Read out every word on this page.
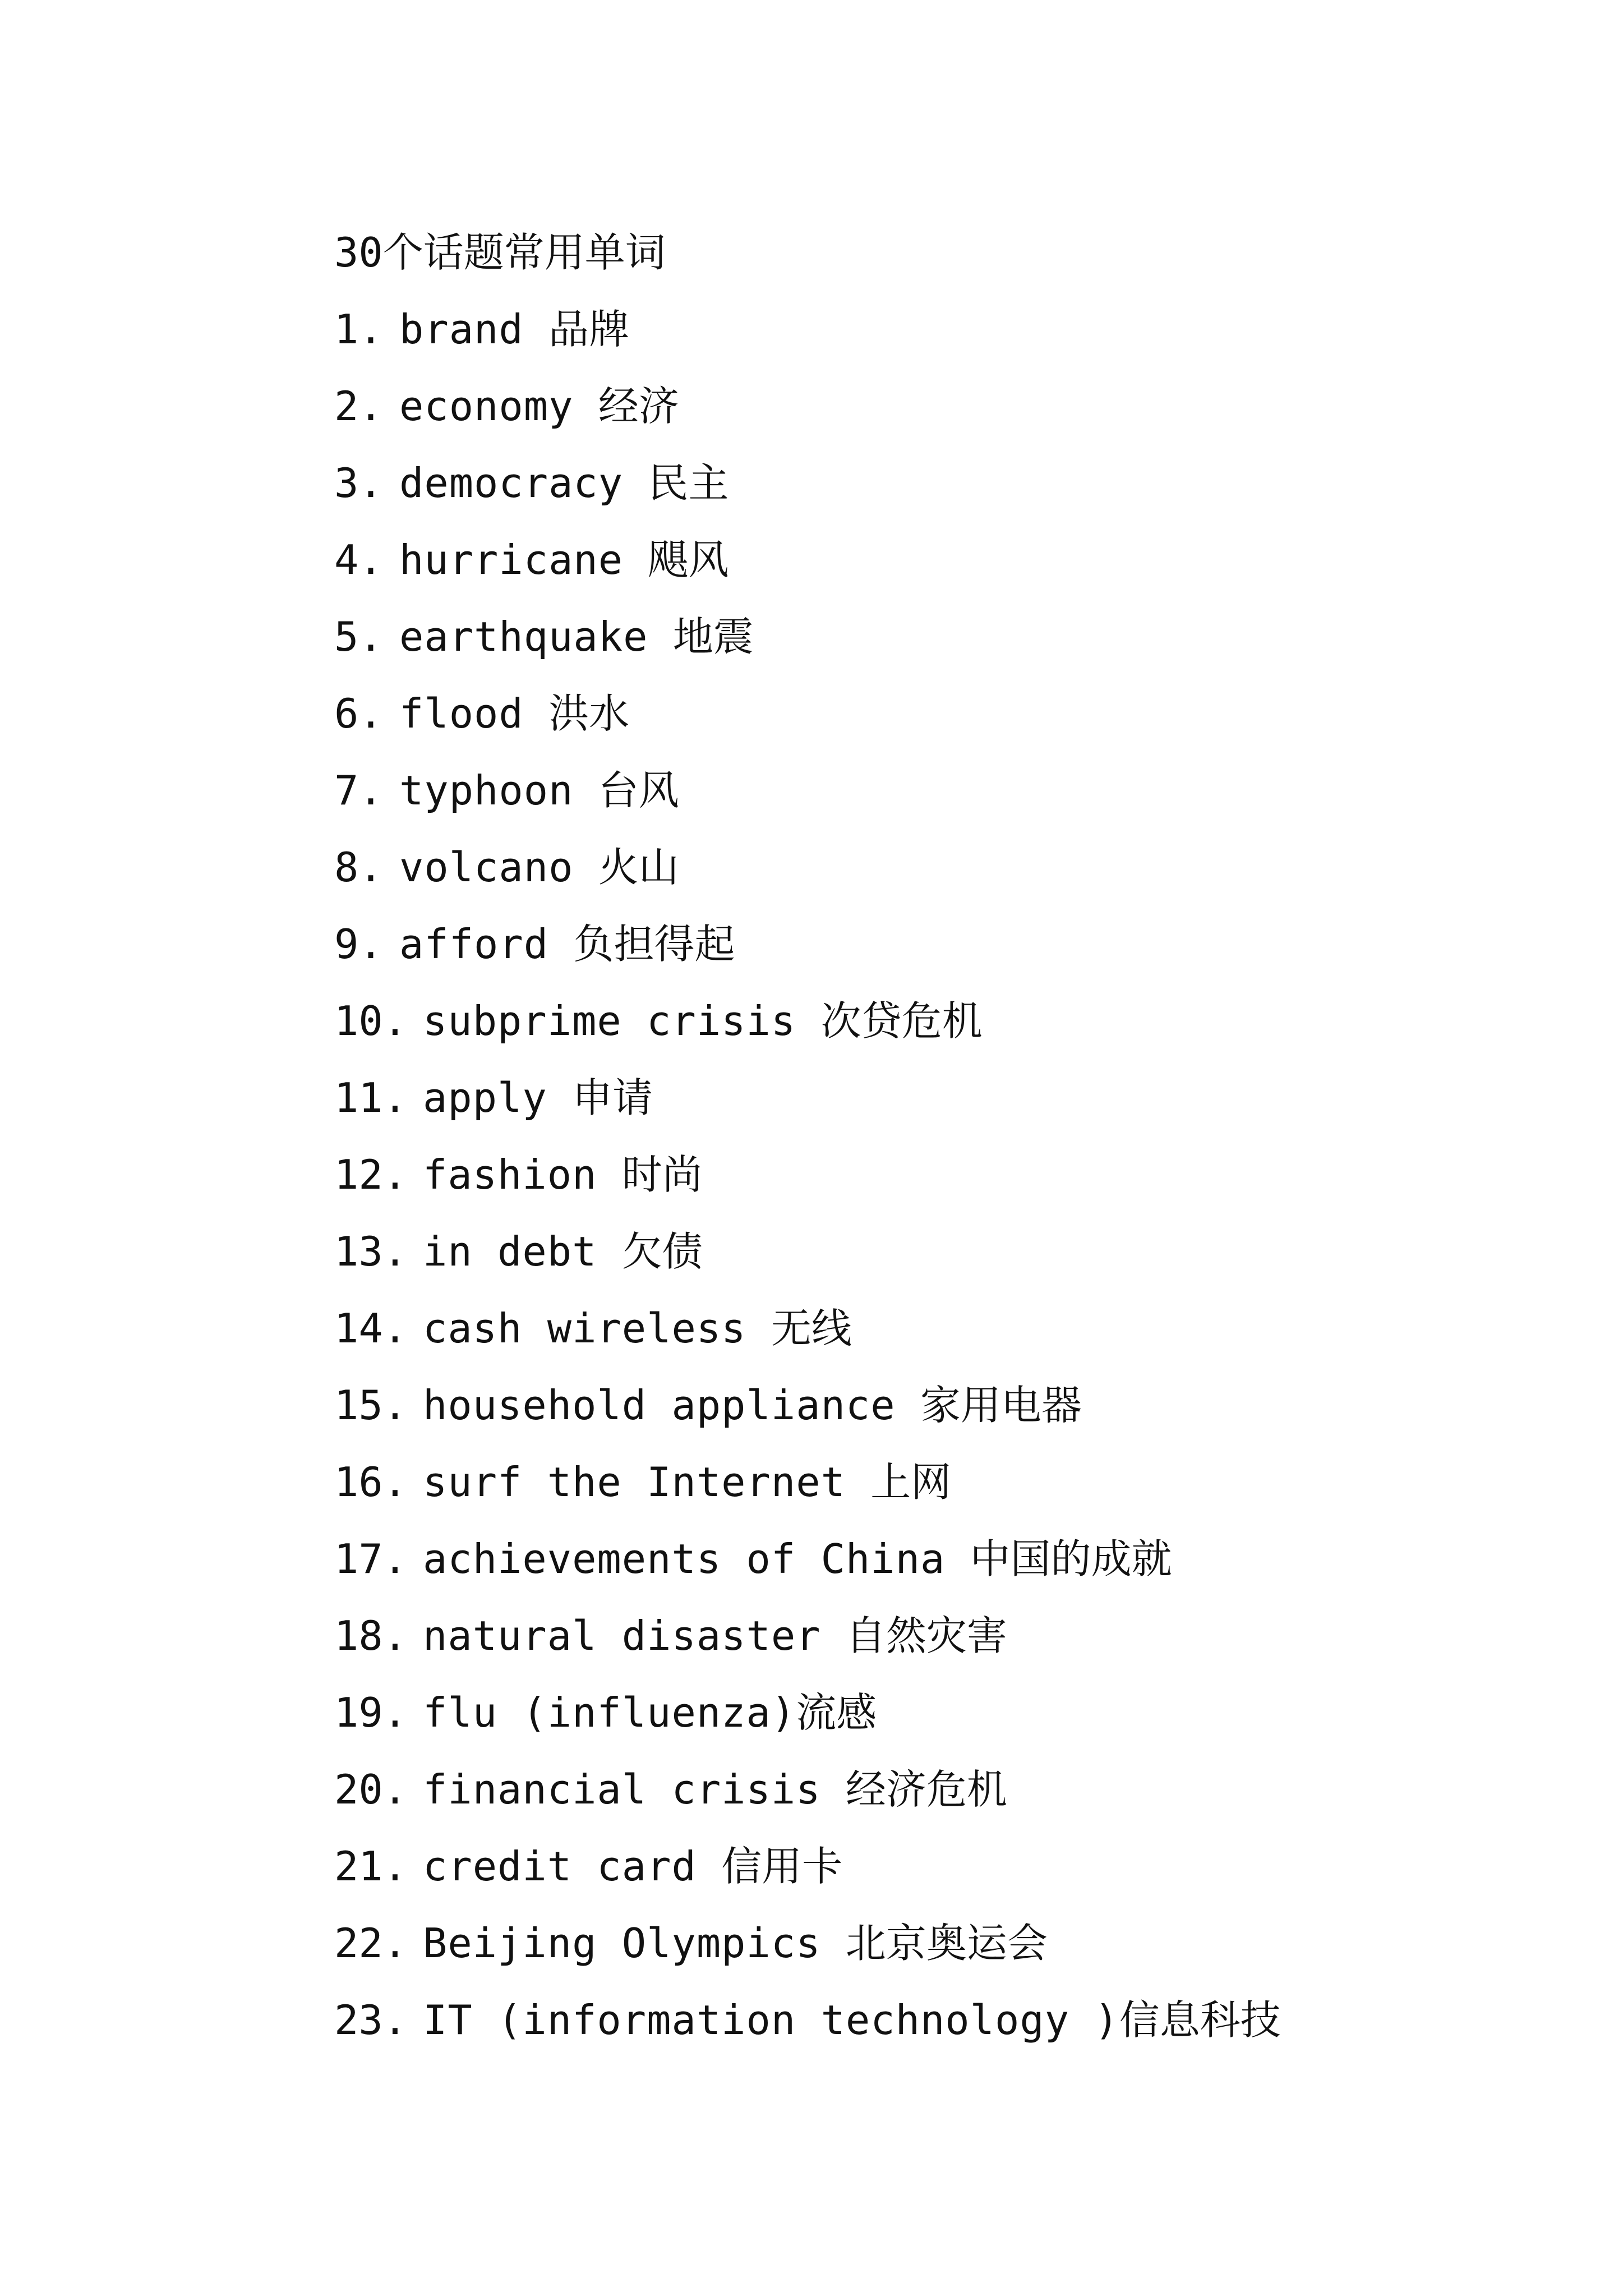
30个话题常用单词
1. brand 品牌
2. economy 经济
3. democracy 民主
4. hurricane 飓风
5. earthquake 地震
6. flood 洪水
7. typhoon 台风
8. volcano 火山
9. afford 负担得起
10. subprime crisis 次贷危机
11. apply 申请
12. fashion 时尚
13. in debt 欠债
14. cash wireless 无线
15. household appliance 家用电器
16. surf the Internet 上网
17. achievements of China 中国的成就
18. natural disaster 自然灾害
19. flu (influenza) 流感
20. financial crisis 经济危机
21. credit card 信用卡
22. Beijing Olympics 北京奥运会
23. IT (information technology ) 信息科技
